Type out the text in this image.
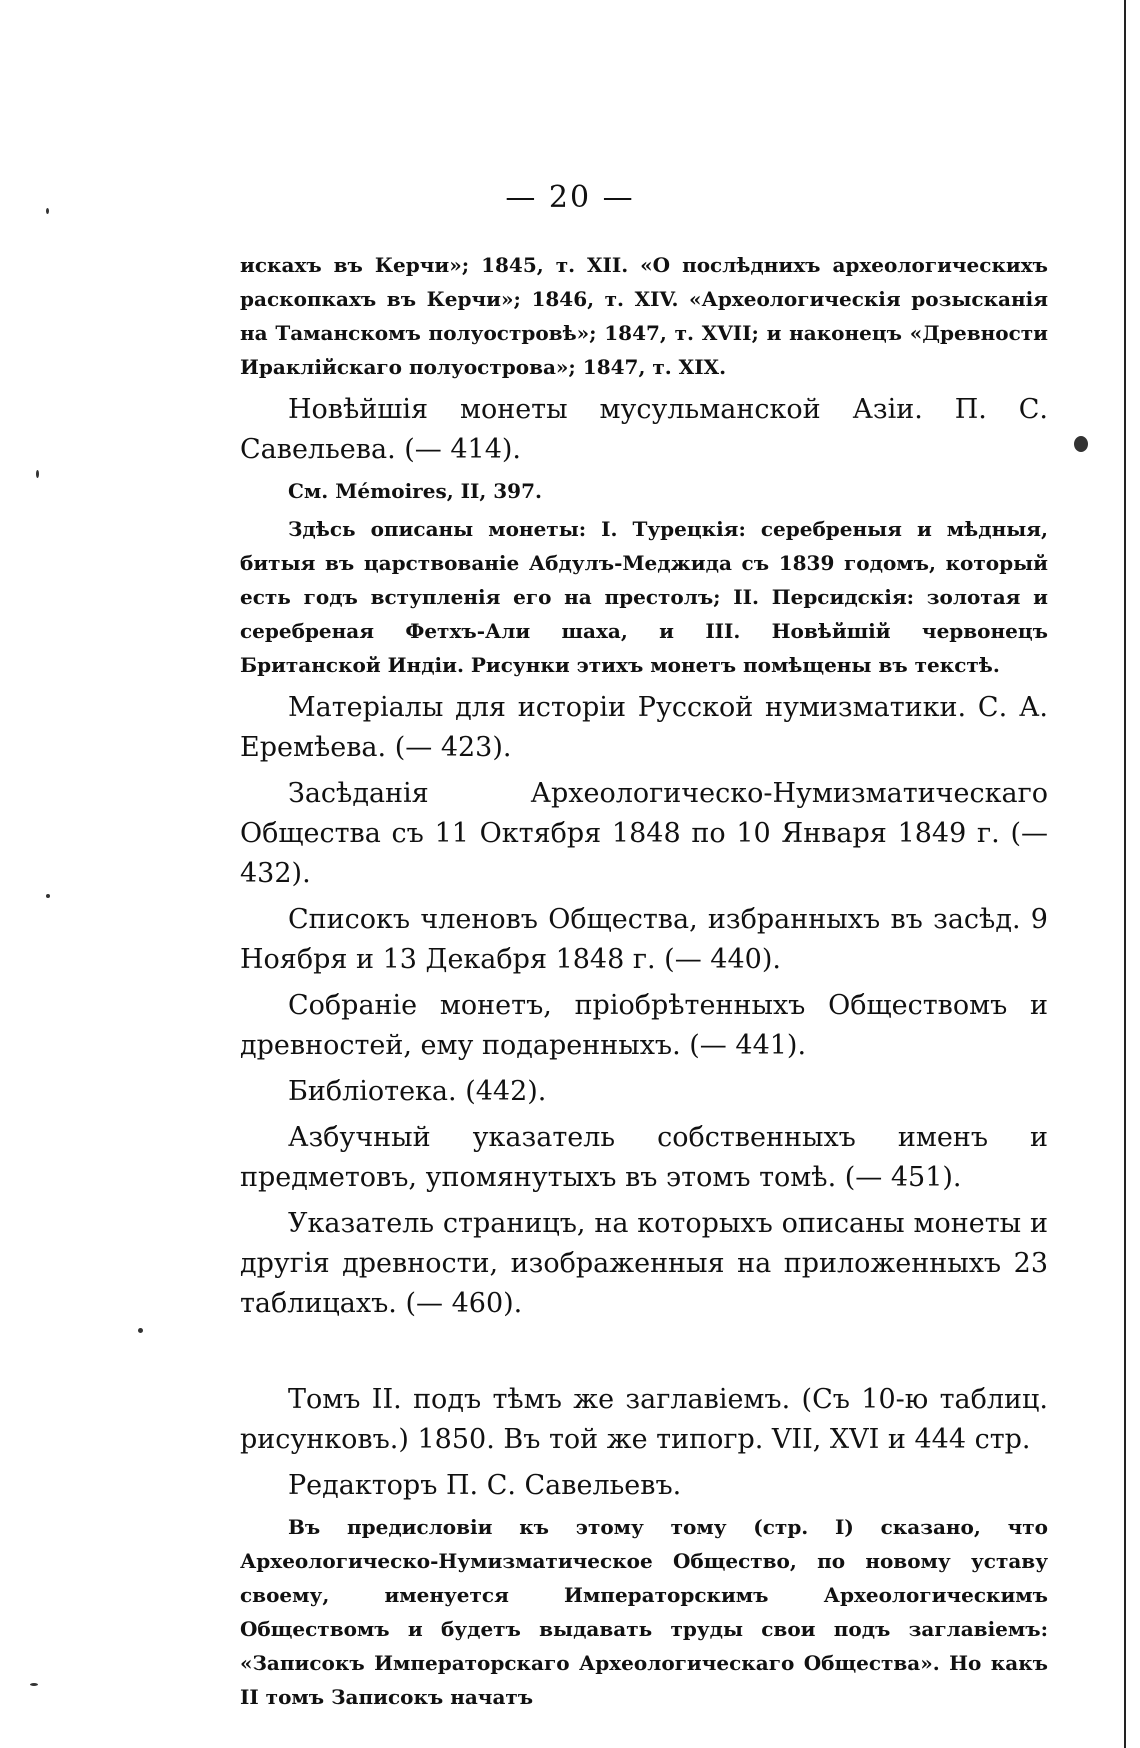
— 20 —

искахъ въ Керчи»; 1845, т. XII. «О послѣднихъ археологическихъ раскопкахъ въ Керчи»; 1846, т. XIV. «Археологическія розысканія на Таманскомъ полуостровѣ»; 1847, т. XVII; и наконецъ «Древности Ираклійскаго полуострова»; 1847, т. XIX.

Новѣйшія монеты мусульманской Азіи. П. С. Савельева. (— 414).

См. Mémoires, II, 397.

Здѣсь описаны монеты: I. Турецкія: серебреныя и мѣдныя, битыя въ царствованіе Абдулъ-Меджида съ 1839 годомъ, который есть годъ вступленія его на престолъ; II. Персидскія: золотая и серебреная Фетхъ-Али шаха, и III. Новѣйшій червонецъ Британской Индіи. Рисунки этихъ монетъ помѣщены въ текстѣ.

Матеріалы для исторіи Русской нумизматики. С. А. Еремѣева. (— 423).

Засѣданія Археологическо-Нумизматическаго Общества съ 11 Октября 1848 по 10 Января 1849 г. (— 432).

Списокъ членовъ Общества, избранныхъ въ засѣд. 9 Ноября и 13 Декабря 1848 г. (— 440).

Собраніе монетъ, пріобрѣтенныхъ Обществомъ и древностей, ему подаренныхъ. (— 441).

Библіотека. (442).

Азбучный указатель собственныхъ именъ и предметовъ, упомянутыхъ въ этомъ томѣ. (— 451).

Указатель страницъ, на которыхъ описаны монеты и другія древности, изображенныя на приложенныхъ 23 таблицахъ. (— 460).

Томъ II. подъ тѣмъ же заглавіемъ. (Съ 10-ю таблиц. рисунковъ.) 1850. Въ той же типогр. VII, XVI и 444 стр.

Редакторъ П. С. Савельевъ.

Въ предисловіи къ этому тому (стр. I) сказано, что Археологическо-Нумизматическое Общество, по новому уставу своему, именуется Императорскимъ Археологическимъ Обществомъ и будетъ выдавать труды свои подъ заглавіемъ: «Записокъ Императорскаго Археологическаго Общества». Но какъ II томъ Записокъ начатъ
